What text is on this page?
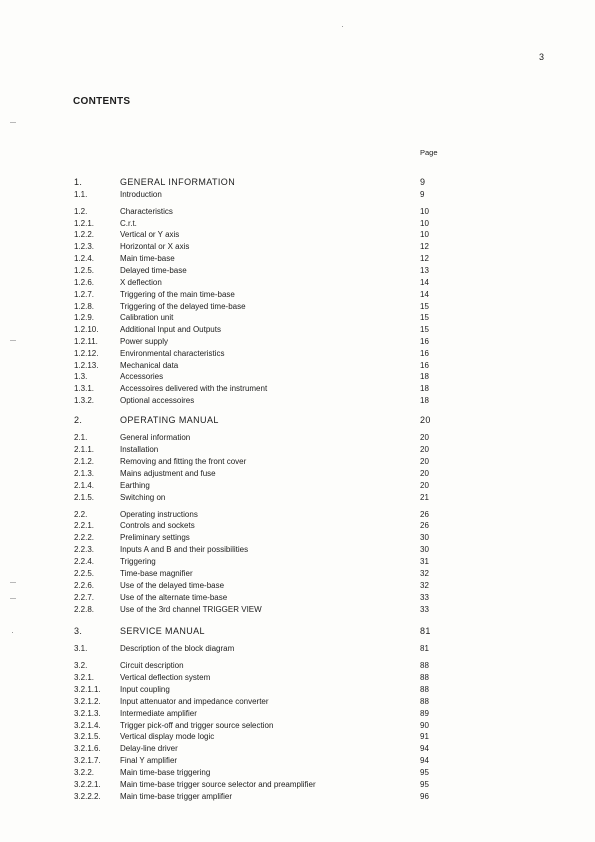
3
CONTENTS
Page
1.	GENERAL INFORMATION	9
1.1.	Introduction	9
1.2.	Characteristics	10
1.2.1.	C.r.t.	10
1.2.2.	Vertical or Y axis	10
1.2.3.	Horizontal or X axis	12
1.2.4.	Main time-base	12
1.2.5.	Delayed time-base	13
1.2.6.	X deflection	14
1.2.7.	Triggering of the main time-base	14
1.2.8.	Triggering of the delayed time-base	15
1.2.9.	Calibration unit	15
1.2.10.	Additional Input and Outputs	15
1.2.11.	Power supply	16
1.2.12.	Environmental characteristics	16
1.2.13.	Mechanical data	16
1.3.	Accessories	18
1.3.1.	Accessoires delivered with the instrument	18
1.3.2.	Optional accessoires	18
2.	OPERATING MANUAL	20
2.1.	General information	20
2.1.1.	Installation	20
2.1.2.	Removing and fitting the front cover	20
2.1.3.	Mains adjustment and fuse	20
2.1.4.	Earthing	20
2.1.5.	Switching on	21
2.2.	Operating instructions	26
2.2.1.	Controls and sockets	26
2.2.2.	Preliminary settings	30
2.2.3.	Inputs A and B and their possibilities	30
2.2.4.	Triggering	31
2.2.5.	Time-base magnifier	32
2.2.6.	Use of the delayed time-base	32
2.2.7.	Use of the alternate time-base	33
2.2.8.	Use of the 3rd channel TRIGGER VIEW	33
3.	SERVICE MANUAL	81
3.1.	Description of the block diagram	81
3.2.	Circuit description	88
3.2.1.	Vertical deflection system	88
3.2.1.1. Input coupling	88
3.2.1.2. Input attenuator and impedance converter	88
3.2.1.3. Intermediate amplifier	89
3.2.1.4. Trigger pick-off and trigger source selection	90
3.2.1.5. Vertical display mode logic	91
3.2.1.6. Delay-line driver	94
3.2.1.7. Final Y amplifier	94
3.2.2.	Main time-base triggering	95
3.2.2.1. Main time-base trigger source selector and preamplifier	95
3.2.2.2. Main time-base trigger amplifier	96
